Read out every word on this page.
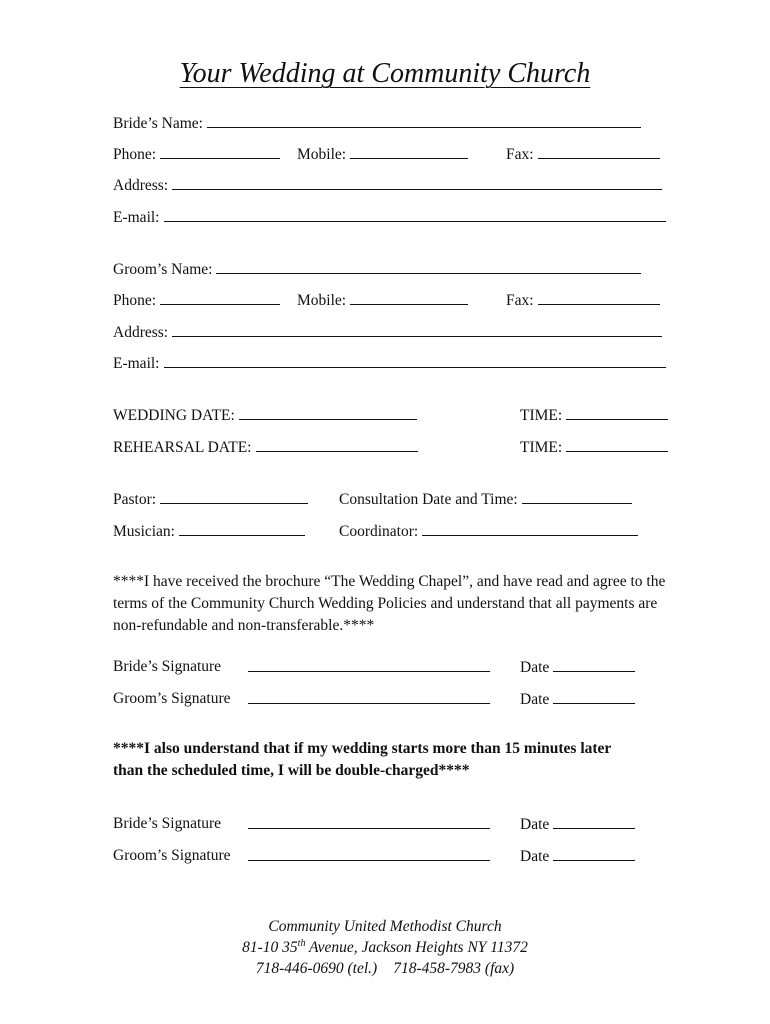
Your Wedding at Community Church
Bride’s Name:
Phone:	Mobile:	Fax:
Address:
E-mail:
Groom’s Name:
Phone:	Mobile:	Fax:
Address:
E-mail:
WEDDING DATE:	TIME:
REHEARSAL DATE:	TIME:
Pastor:	Consultation Date and Time:
Musician:	Coordinator:
****I have received the brochure “The Wedding Chapel”, and have read and agree to the terms of the Community Church Wedding Policies and understand that all payments are non-refundable and non-transferable.****
Bride’s Signature	Date
Groom’s Signature	Date
****I also understand that if my wedding starts more than 15 minutes later than the scheduled time, I will be double-charged****
Bride’s Signature	Date
Groom’s Signature	Date
Community United Methodist Church
81-10 35th Avenue, Jackson Heights NY 11372
718-446-0690 (tel.) 718-458-7983 (fax)
